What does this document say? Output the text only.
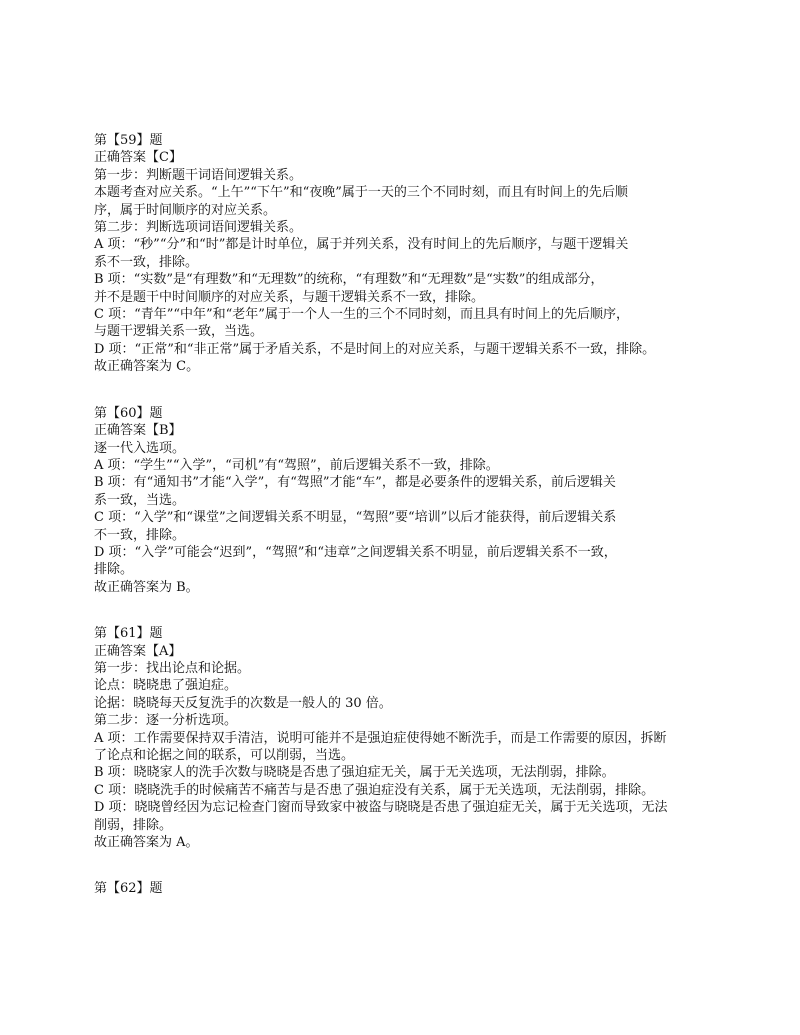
第【59】题
正确答案【C】
第一步：判断题干词语间逻辑关系。
本题考查对应关系。“上午”“下午”和“夜晚”属于一天的三个不同时刻，而且有时间上的先后顺
序，属于时间顺序的对应关系。
第二步：判断选项词语间逻辑关系。
A 项：“秒”“分”和“时”都是计时单位，属于并列关系，没有时间上的先后顺序，与题干逻辑关
系不一致，排除。
B 项：“实数”是“有理数”和“无理数”的统称，“有理数”和“无理数”是“实数”的组成部分，
并不是题干中时间顺序的对应关系，与题干逻辑关系不一致，排除。
C 项：“青年”“中年”和“老年”属于一个人一生的三个不同时刻，而且具有时间上的先后顺序，
与题干逻辑关系一致，当选。
D 项：“正常”和“非正常”属于矛盾关系，不是时间上的对应关系，与题干逻辑关系不一致，排除。
故正确答案为 C。
第【60】题
正确答案【B】
逐一代入选项。
A 项：“学生”“入学”，“司机”有“驾照”，前后逻辑关系不一致，排除。
B 项：有“通知书”才能“入学”，有“驾照”才能“车”，都是必要条件的逻辑关系，前后逻辑关
系一致，当选。
C 项：“入学”和“课堂”之间逻辑关系不明显，“驾照”要“培训”以后才能获得，前后逻辑关系
不一致，排除。
D 项：“入学”可能会“迟到”，“驾照”和“违章”之间逻辑关系不明显，前后逻辑关系不一致，
排除。
故正确答案为 B。
第【61】题
正确答案【A】
第一步：找出论点和论据。
论点：晓晓患了强迫症。
论据：晓晓每天反复洗手的次数是一般人的 30 倍。
第二步：逐一分析选项。
A 项：工作需要保持双手清洁，说明可能并不是强迫症使得她不断洗手，而是工作需要的原因，拆断
了论点和论据之间的联系，可以削弱，当选。
B 项：晓晓家人的洗手次数与晓晓是否患了强迫症无关，属于无关选项，无法削弱，排除。
C 项：晓晓洗手的时候痛苦不痛苦与是否患了强迫症没有关系，属于无关选项，无法削弱，排除。
D 项：晓晓曾经因为忘记检查门窗而导致家中被盗与晓晓是否患了强迫症无关，属于无关选项，无法
削弱，排除。
故正确答案为 A。
第【62】题
